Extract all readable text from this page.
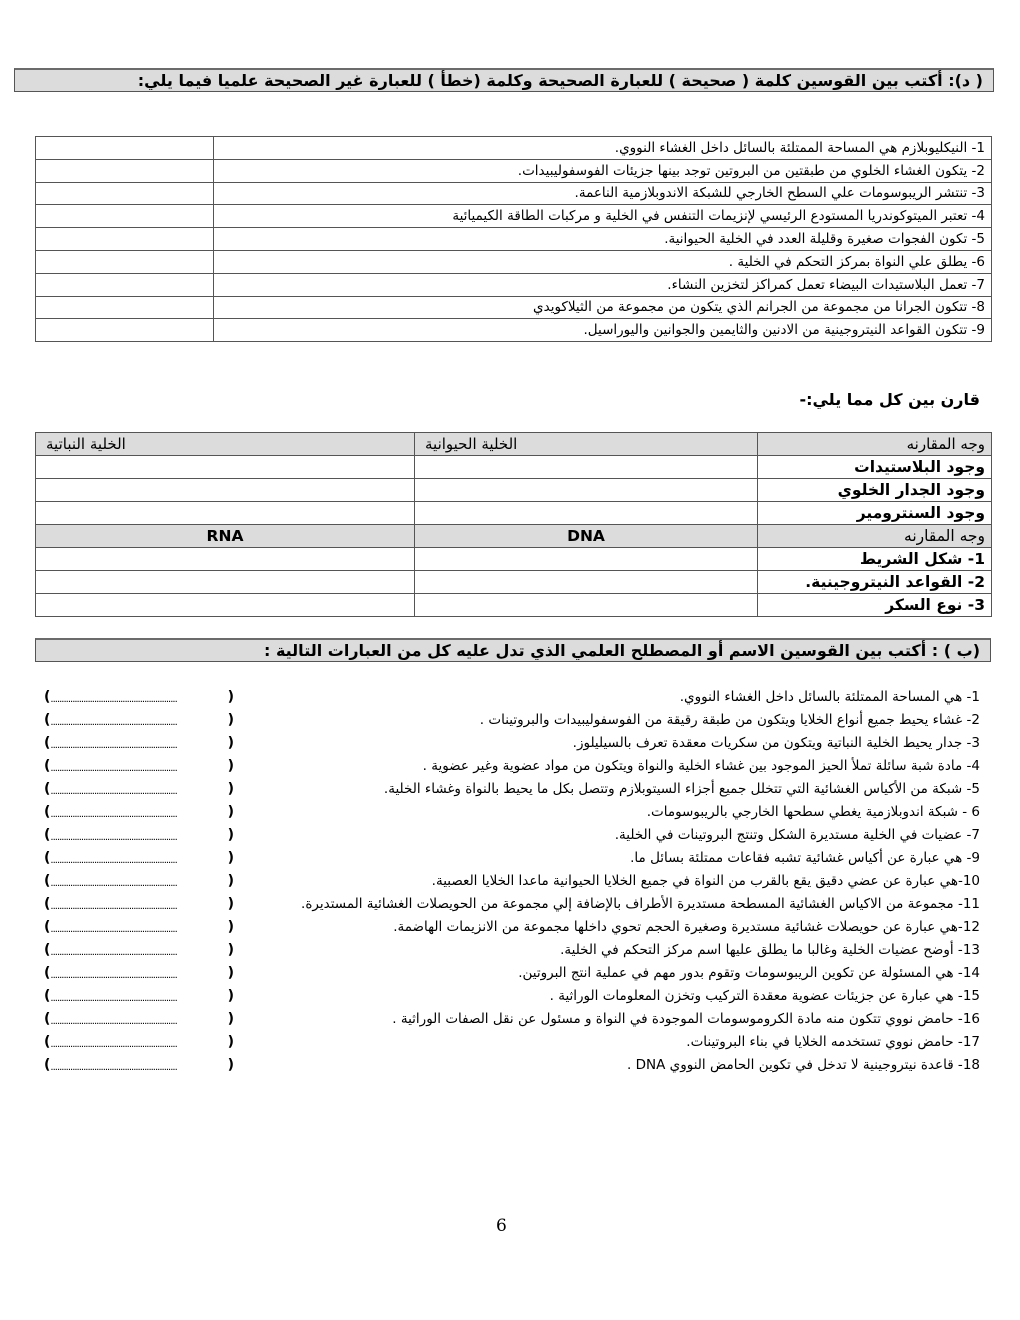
( د): أكتب بين القوسين كلمة ( صحيحة ) للعبارة الصحيحة وكلمة (خطأ ) للعبارة غير الصحيحة علميا فيما يلي:
1- النيكليوبلازم هي المساحة الممتلئة بالسائل داخل الغشاء النووي.	
2- يتكون الغشاء الخلوي من طبقتين من البروتين توجد بينها جزيئات الفوسفوليبيدات.	
3- تنتشر الريبوسومات علي السطح الخارجي للشبكة الاندوبلازمية الناعمة.	
4- تعتبر الميتوكوندريا المستودع الرئيسي لإنزيمات التنفس في الخلية و مركبات الطاقة الكيميائية	
5- تكون الفجوات صغيرة وقليلة العدد في الخلية الحيوانية.	
6- يطلق علي النواة بمركز التحكم في الخلية .	
7- تعمل البلاستيدات البيضاء تعمل كمراكز لتخزين النشاء.	
8- تتكون الجرانا من مجموعة من الجرانم الذي يتكون من مجموعة من الثيلاكويدي	
9- تتكون القواعد النيتروجينية من الادنين والثايمين والجوانين واليوراسيل.	
قارن بين كل مما يلي:-
وجه المقارنه	الخلية الحيوانية	الخلية النباتية
وجود البلاستيدات		
وجود الجدار الخلوي		
وجود السنترومير		
وجه المقارنه	DNA	RNA
1- شكل الشريط		
2- القواعد النيتروجينية.		
3- نوع السكر		
(ب ) : أكتب بين القوسين الاسم أو المصطلح العلمي الذي تدل عليه كل من العبارات التالية :
( ..........................................................	)	1- هي المساحة الممتلئة بالسائل داخل الغشاء النووي.
( ..........................................................	)	2- غشاء يحيط جميع أنواع الخلايا ويتكون من طبقة رقيقة من الفوسفوليبيدات والبروتينات .
( ..........................................................	)	3- جدار يحيط الخلية النباتية ويتكون من سكريات معقدة تعرف بالسيليلوز.
( ..........................................................	)	4- مادة شبة سائلة تملأ الحيز الموجود بين غشاء الخلية والنواة ويتكون من مواد عضوية وغير عضوية .
( ..........................................................	)	5- شبكة من الأكياس الغشائية التي تتخلل جميع أجزاء السيتوبلازم وتتصل بكل ما يحيط بالنواة وغشاء الخلية.
( ..........................................................	)	6 - شبكة اندوبلازمية يغطي سطحها الخارجي بالريبوسومات.
( ..........................................................	)	7- عضيات في الخلية مستديرة الشكل وتنتج البروتينات في الخلية.
( ..........................................................	)	9- هي عبارة عن أكياس غشائية تشبه فقاعات ممتلئة بسائل ما.
( ..........................................................	)	10-هي عبارة عن عضي دقيق يقع بالقرب من النواة في جميع الخلايا الحيوانية ماعدا الخلايا العصبية.
( ..........................................................	)	11- مجموعة من الاكياس الغشائية المسطحة مستديرة الأطراف بالإضافة إلي مجموعة من الحويصلات الغشائية المستديرة.
( ..........................................................	)	12-هي عبارة عن حويصلات غشائية مستديرة وصغيرة الحجم تحوي داخلها مجموعة من الانزيمات الهاضمة.
( ..........................................................	)	13- أوضح عضيات الخلية وغالبا ما يطلق عليها اسم مركز التحكم في الخلية.
( ..........................................................	)	14- هي المسئولة عن تكوين الريبوسومات وتقوم بدور مهم في عملية انتج البروتين.
( ..........................................................	)	15- هي عبارة عن جزيئات عضوية معقدة التركيب وتخزن المعلومات الوراثية .
( ..........................................................	)	16- حامض نووي تتكون منه مادة الكروموسومات الموجودة في النواة و مسئول عن نقل الصفات الوراثية .
( ..........................................................	)	17- حامض نووي تستخدمه الخلايا في بناء البروتينات.
( ..........................................................	)	18- قاعدة نيتروجينية لا تدخل في تكوين الحامض النووي DNA .
6
